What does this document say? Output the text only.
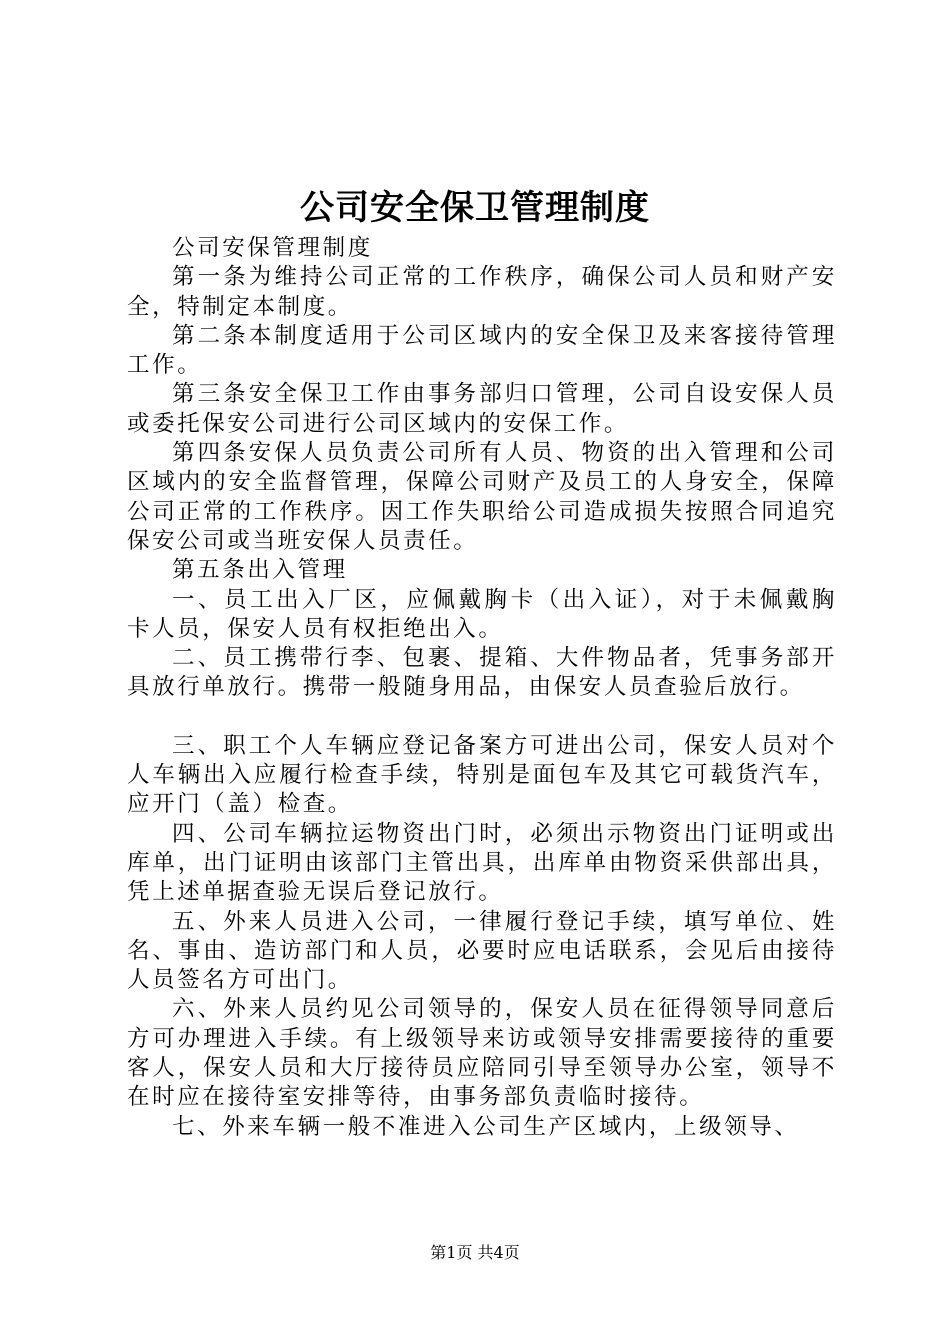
公司安全保卫管理制度

公司安保管理制度

第一条为维持公司正常的工作秩序，确保公司人员和财产安全，特制定本制度。

第二条本制度适用于公司区域内的安全保卫及来客接待管理工作。

第三条安全保卫工作由事务部归口管理，公司自设安保人员或委托保安公司进行公司区域内的安保工作。

第四条安保人员负责公司所有人员、物资的出入管理和公司区域内的安全监督管理，保障公司财产及员工的人身安全，保障公司正常的工作秩序。因工作失职给公司造成损失按照合同追究保安公司或当班安保人员责任。

第五条出入管理

一、员工出入厂区，应佩戴胸卡（出入证），对于未佩戴胸卡人员，保安人员有权拒绝出入。

二、员工携带行李、包裹、提箱、大件物品者，凭事务部开具放行单放行。携带一般随身用品，由保安人员查验后放行。

三、职工个人车辆应登记备案方可进出公司，保安人员对个人车辆出入应履行检查手续，特别是面包车及其它可载货汽车，应开门（盖）检查。

四、公司车辆拉运物资出门时，必须出示物资出门证明或出库单，出门证明由该部门主管出具，出库单由物资采供部出具，凭上述单据查验无误后登记放行。

五、外来人员进入公司，一律履行登记手续，填写单位、姓名、事由、造访部门和人员，必要时应电话联系，会见后由接待人员签名方可出门。

六、外来人员约见公司领导的，保安人员在征得领导同意后方可办理进入手续。有上级领导来访或领导安排需要接待的重要客人，保安人员和大厅接待员应陪同引导至领导办公室，领导不在时应在接待室安排等待，由事务部负责临时接待。

七、外来车辆一般不准进入公司生产区域内，上级领导、

第1页 共4页
